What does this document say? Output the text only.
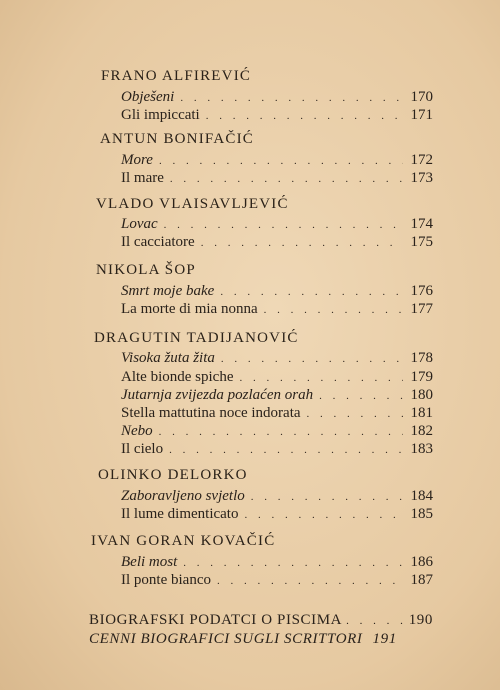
FRANO ALFIREVIĆ
Obješeni . . .	170
Gli impiccati . . .	171
ANTUN BONIFAČIĆ
More . . .	172
Il mare . . .	173
VLADO VLAISAVLJEVIĆ
Lovac . . .	174
Il cacciatore . . .	175
NIKOLA ŠOP
Smrt moje bake . . .	176
La morte di mia nonna . . .	177
DRAGUTIN TADIJANOVIĆ
Visoka žuta žita . . .	178
Alte bionde spiche . . .	179
Jutarnja zvijezda pozlaćen orah . . .	180
Stella mattutina noce indorata . . .	181
Nebo . . .	182
Il cielo . . .	183
OLINKO DELORKO
Zaboravljeno svjetlo . . .	184
Il lume dimenticato . . .	185
IVAN GORAN KOVAČIĆ
Beli most . . .	186
Il ponte bianco . . .	187
BIOGRAFSKI PODATCI O PISCIMA . . .	190
CENNI BIOGRAFICI SUGLI SCRITTORI 191
